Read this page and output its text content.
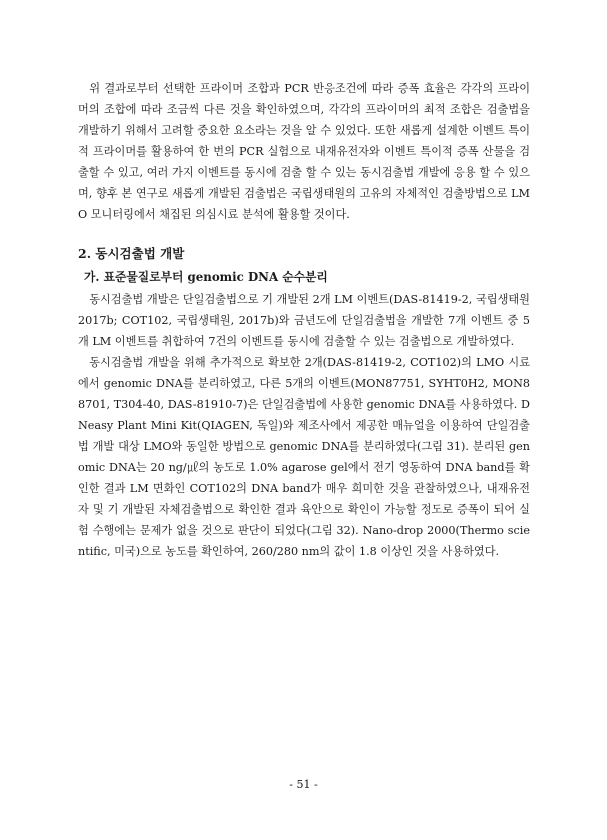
위 결과로부터 선택한 프라이머 조합과 PCR 반응조건에 따라 증폭 효율은 각각의 프라이머의 조합에 따라 조금씩 다른 것을 확인하였으며, 각각의 프라이머의 최적 조합은 검출법을 개발하기 위해서 고려할 중요한 요소라는 것을 알 수 있었다. 또한 새롭게 설계한 이벤트 특이적 프라이머를 활용하여 한 번의 PCR 실험으로 내재유전자와 이벤트 특이적 증폭 산물을 검출할 수 있고, 여러 가지 이벤트를 동시에 검출 할 수 있는 동시검출법 개발에 응용 할 수 있으며, 향후 본 연구로 새롭게 개발된 검출법은 국립생태원의 고유의 자체적인 검출방법으로 LMO 모니터링에서 채집된 의심시료 분석에 활용할 것이다.

2. 동시검출법 개발
가. 표준물질로부터 genomic DNA 순수분리

동시검출법 개발은 단일검출법으로 기 개발된 2개 LM 이벤트(DAS-81419-2, 국립생태원 2017b; COT102, 국립생태원, 2017b)와 금년도에 단일검출법을 개발한 7개 이벤트 중 5개 LM 이벤트를 취합하여 7건의 이벤트를 동시에 검출할 수 있는 검출법으로 개발하였다.

동시검출법 개발을 위해 추가적으로 확보한 2개(DAS-81419-2, COT102)의 LMO 시료에서 genomic DNA를 분리하였고, 다른 5개의 이벤트(MON87751, SYHT0H2, MON88701, T304-40, DAS-81910-7)은 단일검출법에 사용한 genomic DNA를 사용하였다. DNeasy Plant Mini Kit(QIAGEN, 독일)와 제조사에서 제공한 매뉴얼을 이용하여 단일검출법 개발 대상 LMO와 동일한 방법으로 genomic DNA를 분리하였다(그림 31). 분리된 genomic DNA는 20 ng/㎕의 농도로 1.0% agarose gel에서 전기 영동하여 DNA band를 확인한 결과 LM 면화인 COT102의 DNA band가 매우 희미한 것을 관찰하였으나, 내재유전자 및 기 개발된 자체검출법으로 확인한 결과 육안으로 확인이 가능할 정도로 증폭이 되어 실험 수행에는 문제가 없을 것으로 판단이 되었다(그림 32). Nano-drop 2000(Thermo scientific, 미국)으로 농도를 확인하여, 260/280 nm의 값이 1.8 이상인 것을 사용하였다.

- 51 -
